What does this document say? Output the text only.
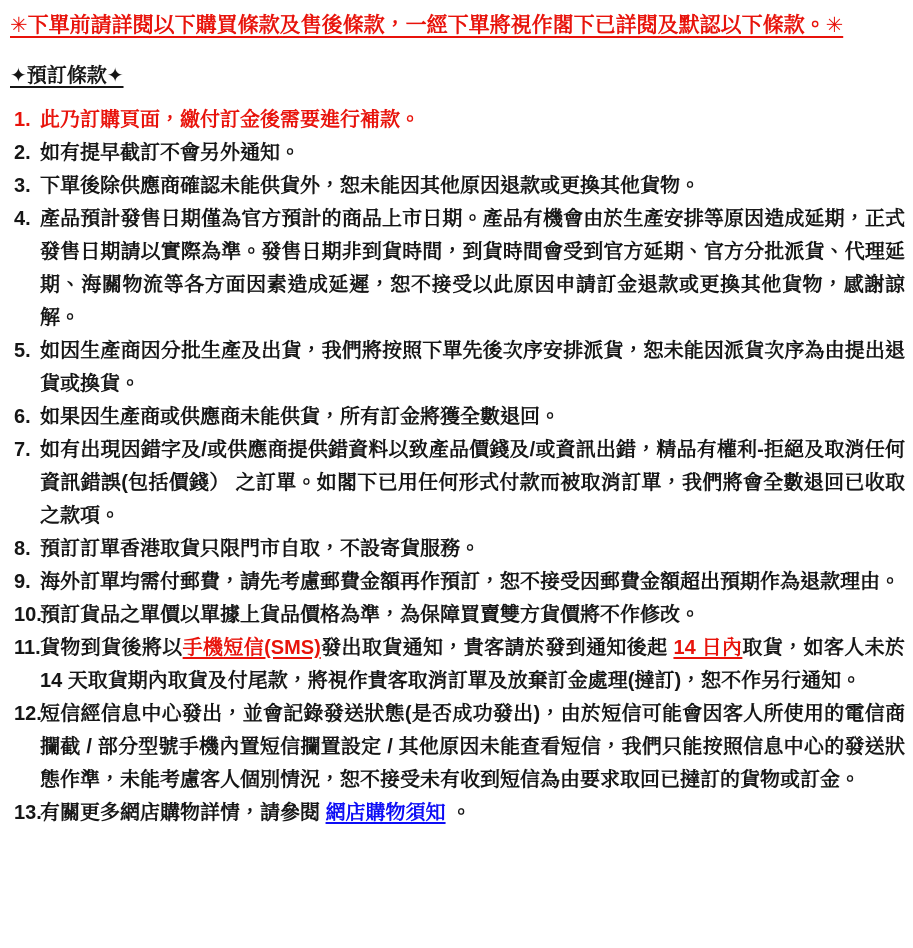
✳下單前請詳閱以下購買條款及售後條款，一經下單將視作閣下已詳閱及默認以下條款。✳
✦預訂條款✦
1. 此乃訂購頁面，繳付訂金後需要進行補款。
2. 如有提早截訂不會另外通知。
3. 下單後除供應商確認未能供貨外，恕未能因其他原因退款或更換其他貨物。
4. 產品預計發售日期僅為官方預計的商品上市日期。產品有機會由於生產安排等原因造成延期，正式發售日期請以實際為準。發售日期非到貨時間，到貨時間會受到官方延期、官方分批派貨、代理延期、海關物流等各方面因素造成延遲，恕不接受以此原因申請訂金退款或更換其他貨物，感謝諒解。
5. 如因生產商因分批生產及出貨，我們將按照下單先後次序安排派貨，恕未能因派貨次序為由提出退貨或換貨。
6. 如果因生產商或供應商未能供貨，所有訂金將獲全數退回。
7. 如有出現因錯字及/或供應商提供錯資料以致產品價錢及/或資訊出錯，精品有權利-拒絕及取消任何資訊錯誤(包括價錢） 之訂單。如閣下已用任何形式付款而被取消訂單，我們將會全數退回已收取之款項。
8. 預訂訂單香港取貨只限門市自取，不設寄貨服務。
9. 海外訂單均需付郵費，請先考慮郵費金額再作預訂，恕不接受因郵費金額超出預期作為退款理由。
10.
預訂貨品之單價以單據上貨品價格為準，為保障買賣雙方貨價將不作修改。
11. 貨物到貨後將以手機短信(SMS)發出取貨通知，貴客請於發到通知後起 14 日內取貨，如客人未於 14 天取貨期內取貨及付尾款，將視作貴客取消訂單及放棄訂金處理(撻訂)，恕不作另行通知。
12.
短信經信息中心發出，並會記錄發送狀態(是否成功發出)，由於短信可能會因客人所使用的電信商攔截 / 部分型號手機內置短信攔置設定 / 其他原因未能查看短信，我們只能按照信息中心的發送狀態作準，未能考慮客人個別情況，恕不接受未有收到短信為由要求取回已撻訂的貨物或訂金。
13.
有關更多網店購物詳情，請參閱 網店購物須知 。
